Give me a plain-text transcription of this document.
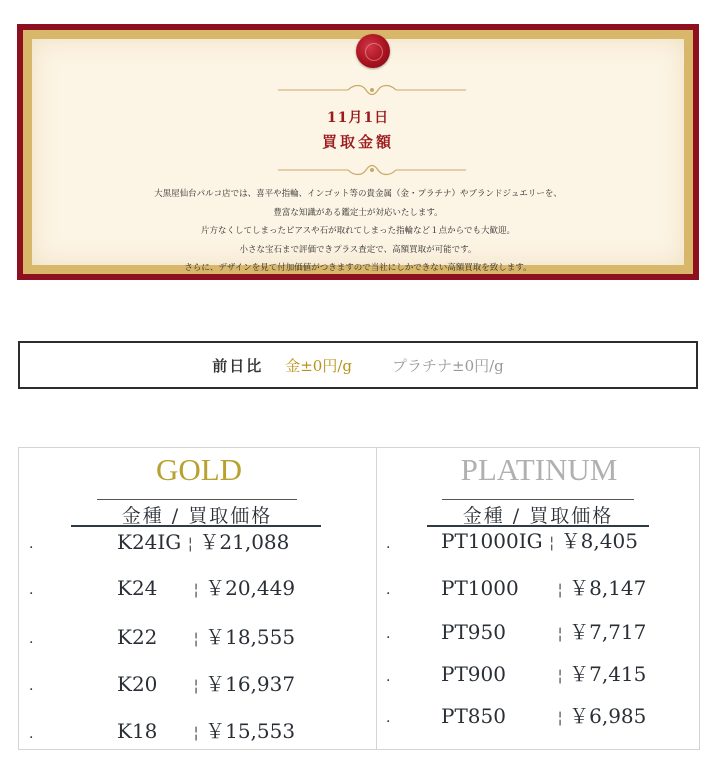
11月1日
買取金額

大黒屋仙台パルコ店では、喜平や指輪、インゴット等の貴金属（金・プラチナ）やブランドジュエリーを、

豊富な知識がある鑑定士が対応いたします。

片方なくしてしまったピアスや石が取れてしまった指輪など１点からでも大歓迎。

小さな宝石まで評価できプラス査定で、高額買取が可能です。

さらに、デザインを見て付加価値がつきますので当社にしかできない高額買取を致します。

前日比 金±0円/g	プラチナ±0円/g
GOLD
金種 / 買取価格
.	K24IG ¦ ￥21,088
.	K24 ¦ ￥20,449
.	K22 ¦ ￥18,555
.	K20 ¦ ￥16,937
.	K18 ¦ ￥15,553
PLATINUM
金種 / 買取価格
.	PT1000IG ¦ ￥8,405
.	PT1000 ¦ ￥8,147
.	PT950	¦ ￥7,717
.	PT900	¦ ￥7,415
.	PT850	¦ ￥6,985
